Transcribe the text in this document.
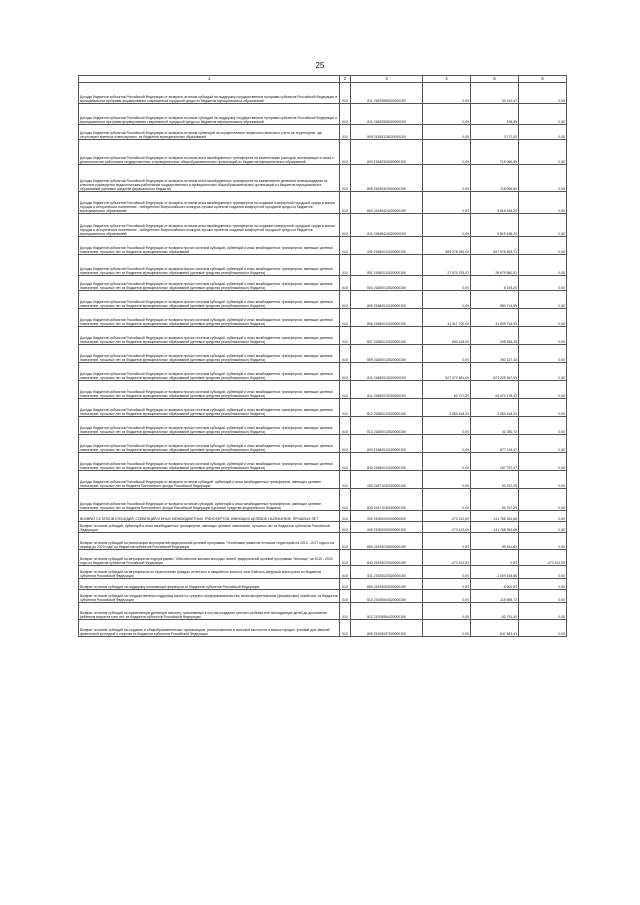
25
1	2	3	4	5	6
Доходы бюджетов субъектов Российской Федерации от возврата остатков субсидий на поддержку государственных программ субъектов Российской Федерации и муниципальных программ формирования современной городской среды из бюджетов муниципальных образований	010	811 21825555020000150	0,00	32 410,47	0,00
Доходы бюджетов субъектов Российской Федерации от возврата остатков субсидий на поддержку государственных программ субъектов Российской Федерации и муниципальных программ формирования современной городской среды из бюджетов муниципальных образований	010	811 21825555020000150	0,00	138,55	0,00
Доходы бюджетов субъектов Российской Федерации от возврата остатков субвенций на осуществление первичного воинского учета на территориях, где отсутствуют военные комиссариаты, из бюджетов муниципальных образований	010	809 21835118020000150	0,00	3 717,00	0,00
Доходы бюджетов субъектов Российской Федерации от возврата остатков иных межбюджетных трансфертов на компенсацию расходов, возникающих в связи с деятельностью работников государственных и муниципальных общеобразовательных организаций из бюджетов муниципальных образований	010	800 21845303020000150	0,00	718 065,50	0,00
Доходы бюджетов субъектов Российской Федерации от возврата остатков иных межбюджетных трансфертов на ежемесячное денежное вознаграждение за классное руководство педагогическим работникам государственных и муниципальных общеобразовательных организаций из бюджетов муниципальных образований (целевые средства федерального бюджета)	010	805 21845303020000150	0,00	718 065,50	0,00
Доходы бюджетов субъектов Российской Федерации от возврата остатков иных межбюджетных трансфертов на создание комфортной городской среды в малых городах и исторических поселениях - победителях Всероссийского конкурса лучших проектов создания комфортной городской среды из бюджетов муниципальных образований	010	800 21845424020000150	0,00	5 815 436,20	0,00
Доходы бюджетов субъектов Российской Федерации от возврата остатков иных межбюджетных трансфертов на создание комфортной городской среды в малых городах и исторических поселениях - победителях Всероссийского конкурса лучших проектов создания комфортной городской среды из бюджетов муниципальных образований	010	811 21845424020000150	0,00	5 815 436,20	0,00
Доходы бюджетов субъектов Российской Федерации от возврата прочих остатков субсидий, субвенций и иных межбюджетных трансфертов, имеющих целевое назначение, прошлых лет из бюджетов муниципальных образований	010	000 21860010020000150	568 278 330,00	697 976 593,71	0,00
Доходы бюджетов субъектов Российской Федерации от возврата прочих остатков субсидий, субвенций и иных межбюджетных трансфертов, имеющих целевое назначение, прошлых лет из бюджетов муниципальных образований (целевые средства республиканского бюджета)	010	801 21860010020000150	27 570 753,27	28 879 580,51	0,00
Доходы бюджетов субъектов Российской Федерации от возврата прочих остатков субсидий, субвенций и иных межбюджетных трансфертов, имеющих целевое назначение, прошлых лет из бюджетов муниципальных образований (целевые средства республиканского бюджета)	010	804 21860010020000150	0,00	6 193,20	0,00
Доходы бюджетов субъектов Российской Федерации от возврата прочих остатков субсидий, субвенций и иных межбюджетных трансфертов, имеющих целевое назначение, прошлых лет из бюджетов муниципальных образований (целевые средства республиканского бюджета)	010	805 21860010020000150	0,00	580 714,65	0,00
Доходы бюджетов субъектов Российской Федерации от возврата прочих остатков субсидий, субвенций и иных межбюджетных трансфертов, имеющих целевое назначение, прошлых лет из бюджетов муниципальных образований (целевые средства республиканского бюджета)	010	806 21860010020000150	41 317 700,00	41 609 716,90	0,00
Доходы бюджетов субъектов Российской Федерации от возврата прочих остатков субсидий, субвенций и иных межбюджетных трансфертов, имеющих целевое назначение, прошлых лет из бюджетов муниципальных образований (целевые средства республиканского бюджета)	010	807 21860010020000150	654 418,00	255 546,25	0,00
Доходы бюджетов субъектов Российской Федерации от возврата прочих остатков субсидий, субвенций и иных межбюджетных трансфертов, имеющих целевое назначение, прошлых лет из бюджетов муниципальных образований (целевые средства республиканского бюджета)	010	809 21860010020000150	0,00	760 227,42	0,00
Доходы бюджетов субъектов Российской Федерации от возврата прочих остатков субсидий, субвенций и иных межбюджетных трансфертов, имеющих целевое назначение, прошлых лет из бюджетов муниципальных образований (целевые средства республиканского бюджета)	010	811 21860010020000150	527 472 681,00	627 225 967,09	0,00
Доходы бюджетов субъектов Российской Федерации от возврата прочих остатков субсидий, субвенций и иных межбюджетных трансфертов, имеющих целевое назначение, прошлых лет из бюджетов муниципальных образований (целевые средства республиканского бюджета)	010	811 21860010020000150	64 727,20	64 870 178,42	0,00
Доходы бюджетов субъектов Российской Федерации от возврата прочих остатков субсидий, субвенций и иных межбюджетных трансфертов, имеющих целевое назначение, прошлых лет из бюджетов муниципальных образований (целевые средства республиканского бюджета)	010	812 21860010020000150	2 063 418,31	2 063 418,31	0,00
Доходы бюджетов субъектов Российской Федерации от возврата прочих остатков субсидий, субвенций и иных межбюджетных трансфертов, имеющих целевое назначение, прошлых лет из бюджетов муниципальных образований (целевые средства республиканского бюджета)	010	813 21860010020000150	0,00	41 050,72	0,00
Доходы бюджетов субъектов Российской Федерации от возврата прочих остатков субсидий, субвенций и иных межбюджетных трансфертов, имеющих целевое назначение, прошлых лет из бюджетов муниципальных образований (целевые средства республиканского бюджета)	010	800 21860010020000150	0,00	877 134,47	0,00
Доходы бюджетов субъектов Российской Федерации от возврата прочих остатков субсидий, субвенций и иных межбюджетных трансфертов, имеющих целевое назначение, прошлых лет из бюджетов муниципальных образований (целевые средства республиканского бюджета)	010	843 21860010020000150	0,00	157 767,37	0,00
Доходы бюджетов субъектов Российской Федерации от возврата остатков субсидий, субвенций и иных межбюджетных трансфертов, имеющих целевое назначение, прошлых лет из бюджета Пенсионного фонда Российской Федерации	010	000 21871030020000150	0,00	54 767,25	0,00
Доходы бюджетов субъектов Российской Федерации от возврата остатков субсидий, субвенций и иных межбюджетных трансфертов, имеющих целевое назначение, прошлых лет из бюджета Пенсионного фонда Российской Федерации (целевые средства федерального бюджета)	010	833 21871030020000150	0,00	54 767,25	0,00
ВОЗВРАТ ОСТАТКОВ СУБСИДИЙ, СУБВЕНЦИЙ И ИНЫХ МЕЖБЮДЖЕТНЫХ ТРАНСФЕРТОВ, ИМЕЮЩИХ ЦЕЛЕВОЕ НАЗНАЧЕНИЕ, ПРОШЛЫХ ЛЕТ	010	000 21900000000000000	-273 412,00	-111 768 351,66	0,00
Возврат остатков субсидий, субвенций и иных межбюджетных трансфертов, имеющих целевое назначение, прошлых лет из бюджетов субъектов Российской Федерации	010	000 21900000020000150	-273 412,00	-111 768 351,66	0,00
Возврат остатков субсидий на реализацию мероприятий федеральной целевой программы "Устойчивое развитие сельских территорий на 2014 - 2017 годы и на период до 2020 года" из бюджетов субъектов Российской Федерации	010	806 21925018020000150	0,00	-99 811,60	0,00
Возврат остатков субсидий на мероприятия подпрограммы "Обеспечение жильем молодых семей" федеральной целевой программы "Жилище" на 2015 - 2020 годы из бюджетов субъектов Российской Федерации	010	843 21925020020000150	-273 412,00	0,00	-273 412,00
Возврат остатков субсидий на мероприятия по переселению граждан из ветхого и аварийного жилья в зоне Байкало-Амурской магистрали из бюджетов субъектов Российской Федерации	010	811 21925023020000150	0,00	-1 009 164,88	0,00
Возврат остатков субсидий на поддержку начинающих фермеров из бюджетов субъектов Российской Федерации	010	806 21925053020000150	0,00	-6 600,00	0,00
Возврат остатков субсидий на государственную поддержку малого и среднего предпринимательства, включая крестьянские (фермерские) хозяйства, из бюджетов субъектов Российской Федерации	010	810 21925064020000150	0,00	-115 595,72	0,00
Возврат остатков субсидий на ежемесячную денежную выплату, назначаемую в случае рождения третьего ребенка или последующих детей до достижения ребенком возраста трех лет, из бюджетов субъектов Российской Федерации	010	812 21925084020000150	0,00	-83 791,40	0,00
Возврат остатков субсидий на создание в общеобразовательных организациях, расположенных в сельской местности и малых городах, условий для занятий физической культурой и спортом из бюджетов субъектов Российской Федерации	010	805 21925097020000150	0,00	-547 843,41	0,00
